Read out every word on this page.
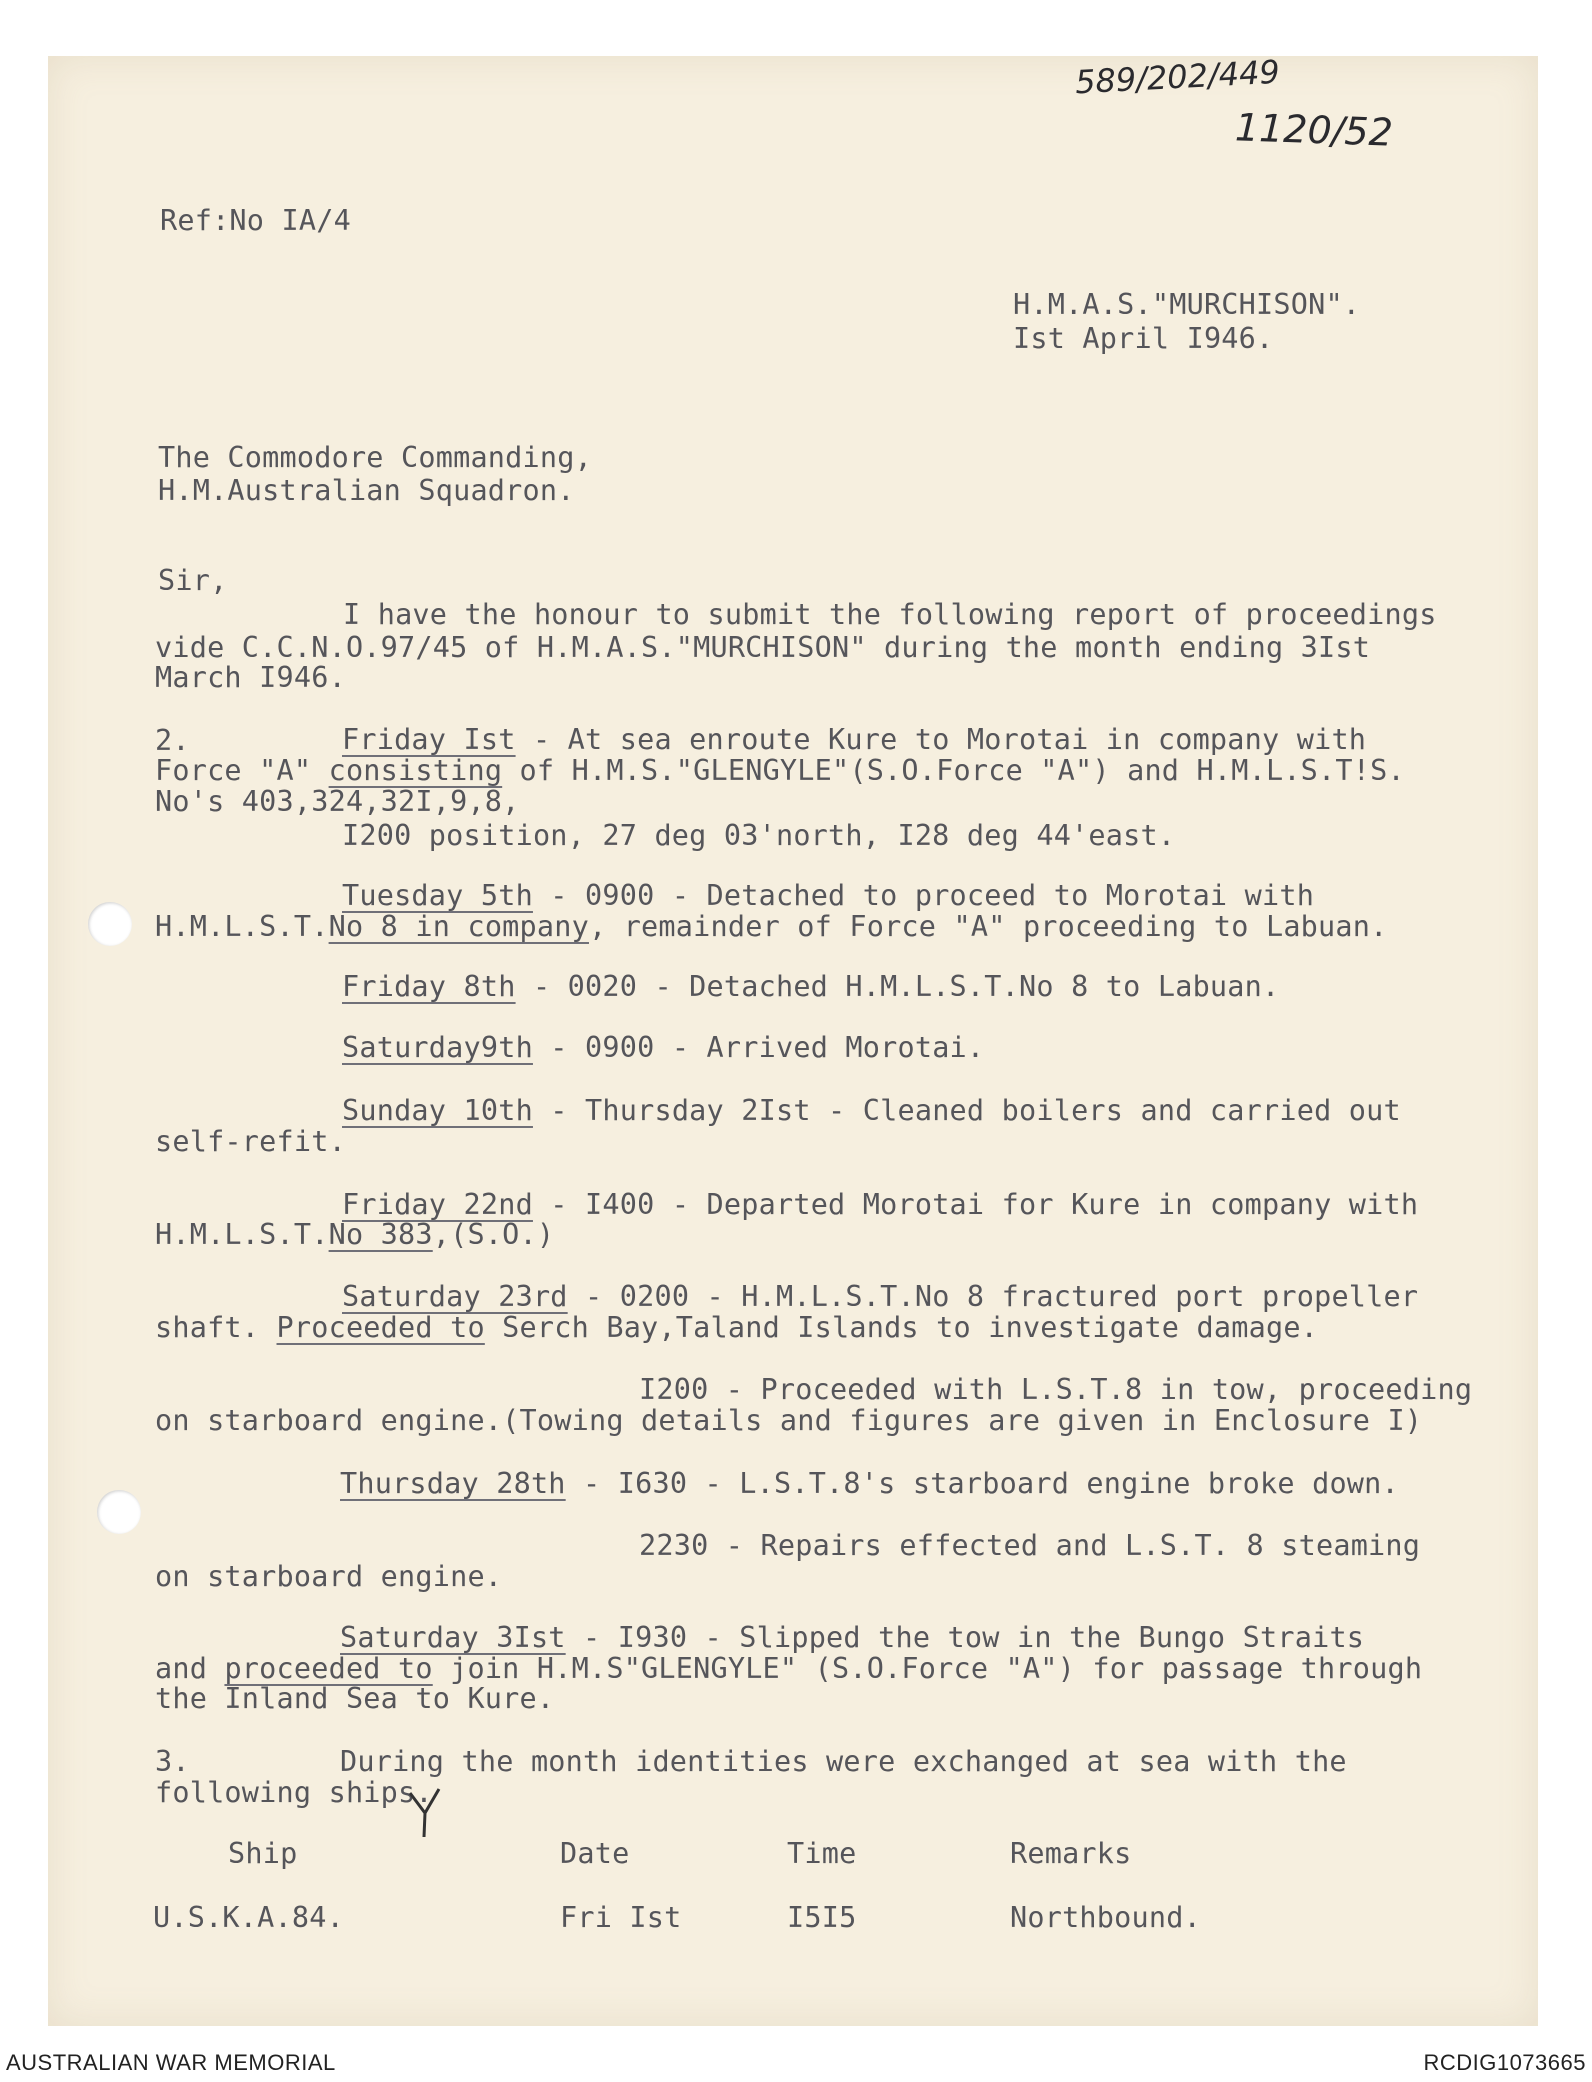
589/202/449
1120/52
Ref:No IA/4
H.M.A.S."MURCHISON".
Ist April I946.
The Commodore Commanding,
H.M.Australian Squadron.
Sir,
I have the honour to submit the following report of proceedings
vide C.C.N.O.97/45 of H.M.A.S."MURCHISON" during the month ending 3Ist
March I946.
2.	Friday Ist - At sea enroute Kure to Morotai in company with
Force "A" consisting of H.M.S."GLENGYLE"(S.O.Force "A") and H.M.L.S.T!S.
No's 403,324,32I,9,8,
I200 position, 27 deg 03'north, I28 deg 44'east.
Tuesday 5th - 0900 - Detached to proceed to Morotai with
H.M.L.S.T.No 8 in company, remainder of Force "A" proceeding to Labuan.
Friday 8th - 0020 - Detached H.M.L.S.T.No 8 to Labuan.
Saturday9th - 0900 - Arrived Morotai.
Sunday 10th - Thursday 2Ist - Cleaned boilers and carried out
self-refit.
Friday 22nd - I400 - Departed Morotai for Kure in company with
H.M.L.S.T.No 383,(S.O.)
Saturday 23rd - 0200 - H.M.L.S.T.No 8 fractured port propeller
shaft. Proceeded to Serch Bay,Taland Islands to investigate damage.
I200 - Proceeded with L.S.T.8 in tow, proceeding
on starboard engine.(Towing details and figures are given in Enclosure I)
Thursday 28th - I630 - L.S.T.8's starboard engine broke down.
2230 - Repairs effected and L.S.T. 8 steaming
on starboard engine.
Saturday 3Ist - I930 - Slipped the tow in the Bungo Straits
and proceeded to join H.M.S"GLENGYLE" (S.O.Force "A") for passage through
the Inland Sea to Kure.
3.	During the month identities were exchanged at sea with the
following ships.
Ship	Date	Time	Remarks
U.S.K.A.84.	Fri Ist	I5I5	Northbound.
AUSTRALIAN WAR MEMORIAL	RCDIG1073665
